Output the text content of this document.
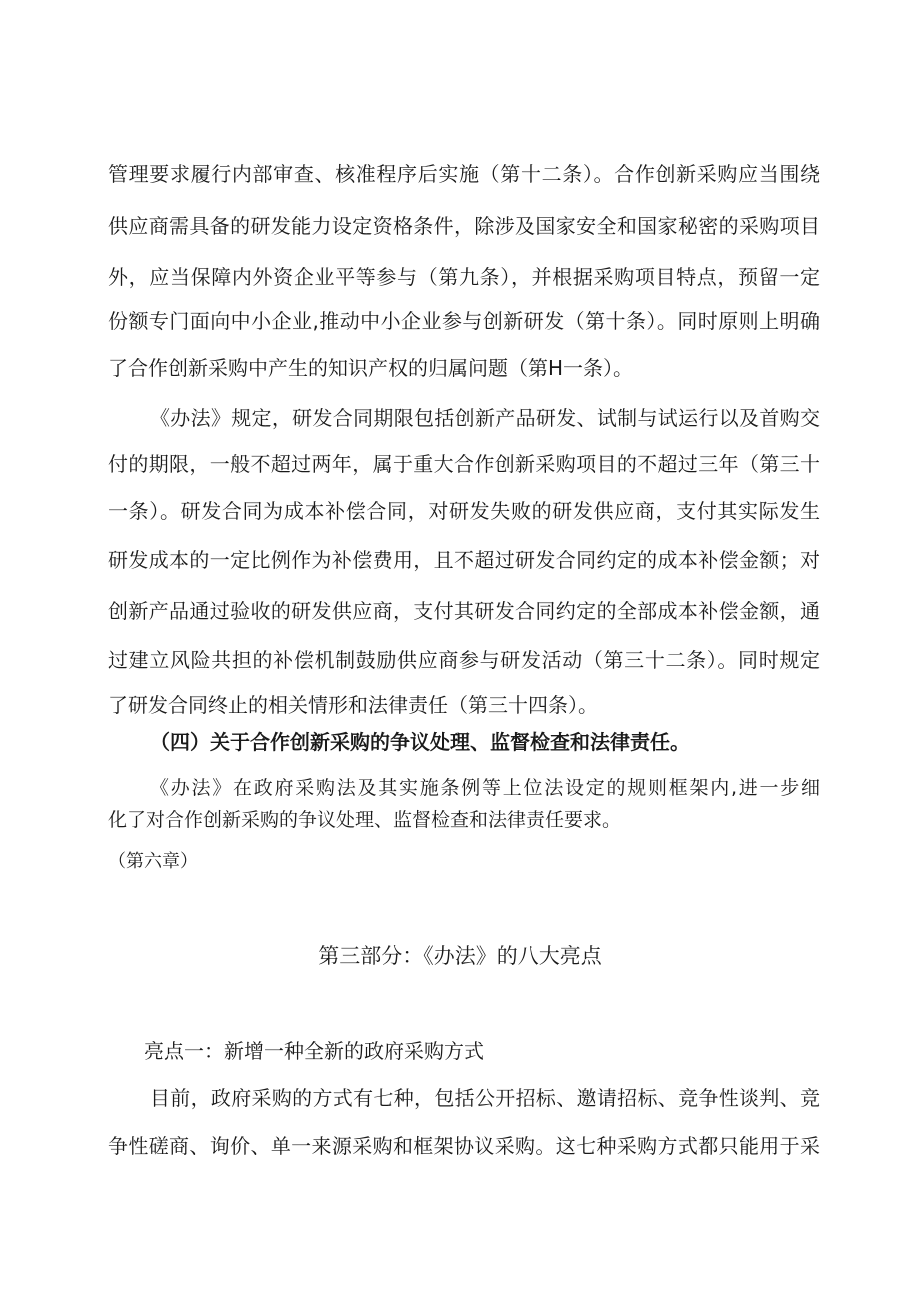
管理要求履行内部审查、核准程序后实施（第十二条）。合作创新采购应当围绕
供应商需具备的研发能力设定资格条件，除涉及国家安全和国家秘密的采购项目
外，应当保障内外资企业平等参与（第九条），并根据采购项目特点，预留一定
份额专门面向中小企业,推动中小企业参与创新研发（第十条）。同时原则上明确
了合作创新采购中产生的知识产权的归属问题（第H一条）。
《办法》规定，研发合同期限包括创新产品研发、试制与试运行以及首购交
付的期限，一般不超过两年，属于重大合作创新采购项目的不超过三年（第三十
一条）。研发合同为成本补偿合同，对研发失败的研发供应商，支付其实际发生
研发成本的一定比例作为补偿费用，且不超过研发合同约定的成本补偿金额；对
创新产品通过验收的研发供应商，支付其研发合同约定的全部成本补偿金额，通
过建立风险共担的补偿机制鼓励供应商参与研发活动（第三十二条）。同时规定
了研发合同终止的相关情形和法律责任（第三十四条）。
（四）关于合作创新采购的争议处理、监督检查和法律责任。
《办法》在政府采购法及其实施条例等上位法设定的规则框架内,进一步细
化了对合作创新采购的争议处理、监督检查和法律责任要求。
（第六章）
第三部分：《办法》的八大亮点
亮点一：新增一种全新的政府采购方式
目前，政府采购的方式有七种，包括公开招标、邀请招标、竞争性谈判、竞
争性磋商、询价、单一来源采购和框架协议采购。这七种采购方式都只能用于采
